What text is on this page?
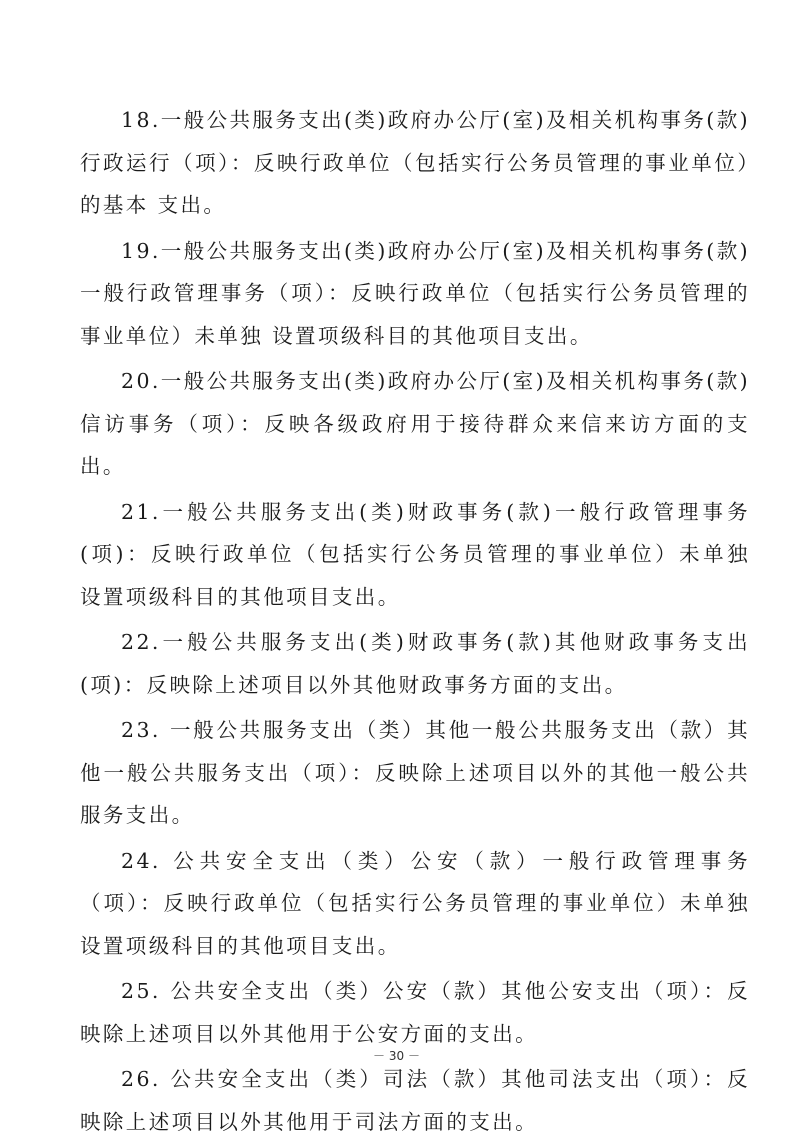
18.一般公共服务支出(类)政府办公厅(室)及相关机构事务(款)行政运行（项）：反映行政单位（包括实行公务员管理的事业单位）的基本 支出。

19.一般公共服务支出(类)政府办公厅(室)及相关机构事务(款)一般行政管理事务（项）：反映行政单位（包括实行公务员管理的事业单位）未单独 设置项级科目的其他项目支出。

20.一般公共服务支出(类)政府办公厅(室)及相关机构事务(款)信访事务（项）：反映各级政府用于接待群众来信来访方面的支出。

21.一般公共服务支出(类)财政事务(款)一般行政管理事务(项)：反映行政单位（包括实行公务员管理的事业单位）未单独 设置项级科目的其他项目支出。

22.一般公共服务支出(类)财政事务(款)其他财政事务支出(项)：反映除上述项目以外其他财政事务方面的支出。

23. 一般公共服务支出（类）其他一般公共服务支出（款）其他一般公共服务支出（项）：反映除上述项目以外的其他一般公共服务支出。

24. 公共安全支出（类）公安（款）一般行政管理事务（项）：反映行政单位（包括实行公务员管理的事业单位）未单独 设置项级科目的其他项目支出。

25. 公共安全支出（类）公安（款）其他公安支出（项）：反映除上述项目以外其他用于公安方面的支出。

26. 公共安全支出（类）司法（款）其他司法支出（项）：反映除上述项目以外其他用于司法方面的支出。

－ 30 －
